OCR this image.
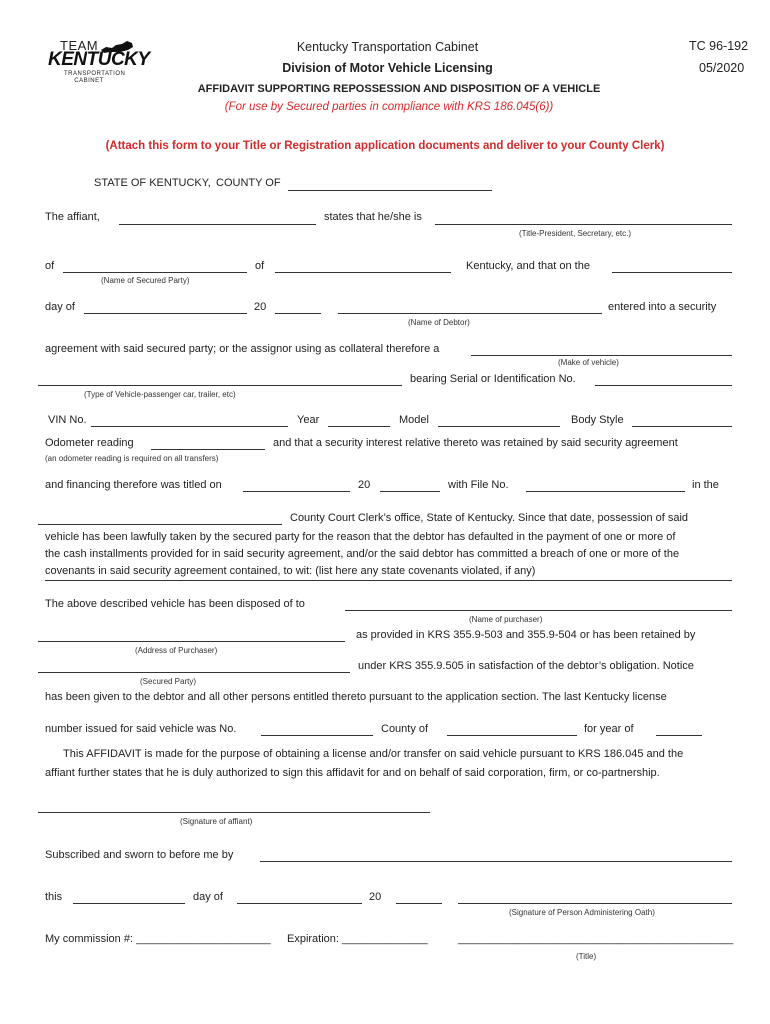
TEAM
KENTUCKY
TRANSPORTATION
CABINET
Kentucky Transportation Cabinet	TC 96-192
Division of Motor Vehicle Licensing	05/2020
AFFIDAVIT SUPPORTING REPOSSESSION AND DISPOSITION OF A VEHICLE
(For use by Secured parties in compliance with KRS 186.045(6))
(Attach this form to your Title or Registration application documents and deliver to your County Clerk)
STATE OF KENTUCKY, COUNTY OF
The affiant,	states that he/she is
(Title-President, Secretary, etc.)
of	of	Kentucky, and that on the
(Name of Secured Party)
day of	20	entered into a security
(Name of Debtor)
agreement with said secured party; or the assignor using as collateral therefore a
(Make of vehicle)
bearing Serial or Identification No.
(Type of Vehicle-passenger car, trailer, etc)
VIN No.	Year	Model	Body Style
Odometer reading	and that a security interest relative thereto was retained by said security agreement
(an odometer reading is required on all transfers)
and financing therefore was titled on	20	with File No.	in the
County Court Clerk’s office, State of Kentucky. Since that date, possession of said
vehicle has been lawfully taken by the secured party for the reason that the debtor has defaulted in the payment of one or more of
the cash installments provided for in said security agreement, and/or the said debtor has committed a breach of one or more of the
covenants in said security agreement contained, to wit: (list here any state covenants violated, if any)
The above described vehicle has been disposed of to
(Name of purchaser)
as provided in KRS 355.9-503 and 355.9-504 or has been retained by
(Address of Purchaser)
under KRS 355.9.505 in satisfaction of the debtor’s obligation. Notice
(Secured Party)
has been given to the debtor and all other persons entitled thereto pursuant to the application section. The last Kentucky license
number issued for said vehicle was No.	County of	for year of
This AFFIDAVIT is made for the purpose of obtaining a license and/or transfer on said vehicle pursuant to KRS 186.045 and the
affiant further states that he is duly authorized to sign this affidavit for and on behalf of said corporation, firm, or co-partnership.
(Signature of affiant)
Subscribed and sworn to before me by
this	day of	20
(Signature of Person Administering Oath)
My commission #: ______________________ Expiration: ______________	_____________________________________________
(Title)
